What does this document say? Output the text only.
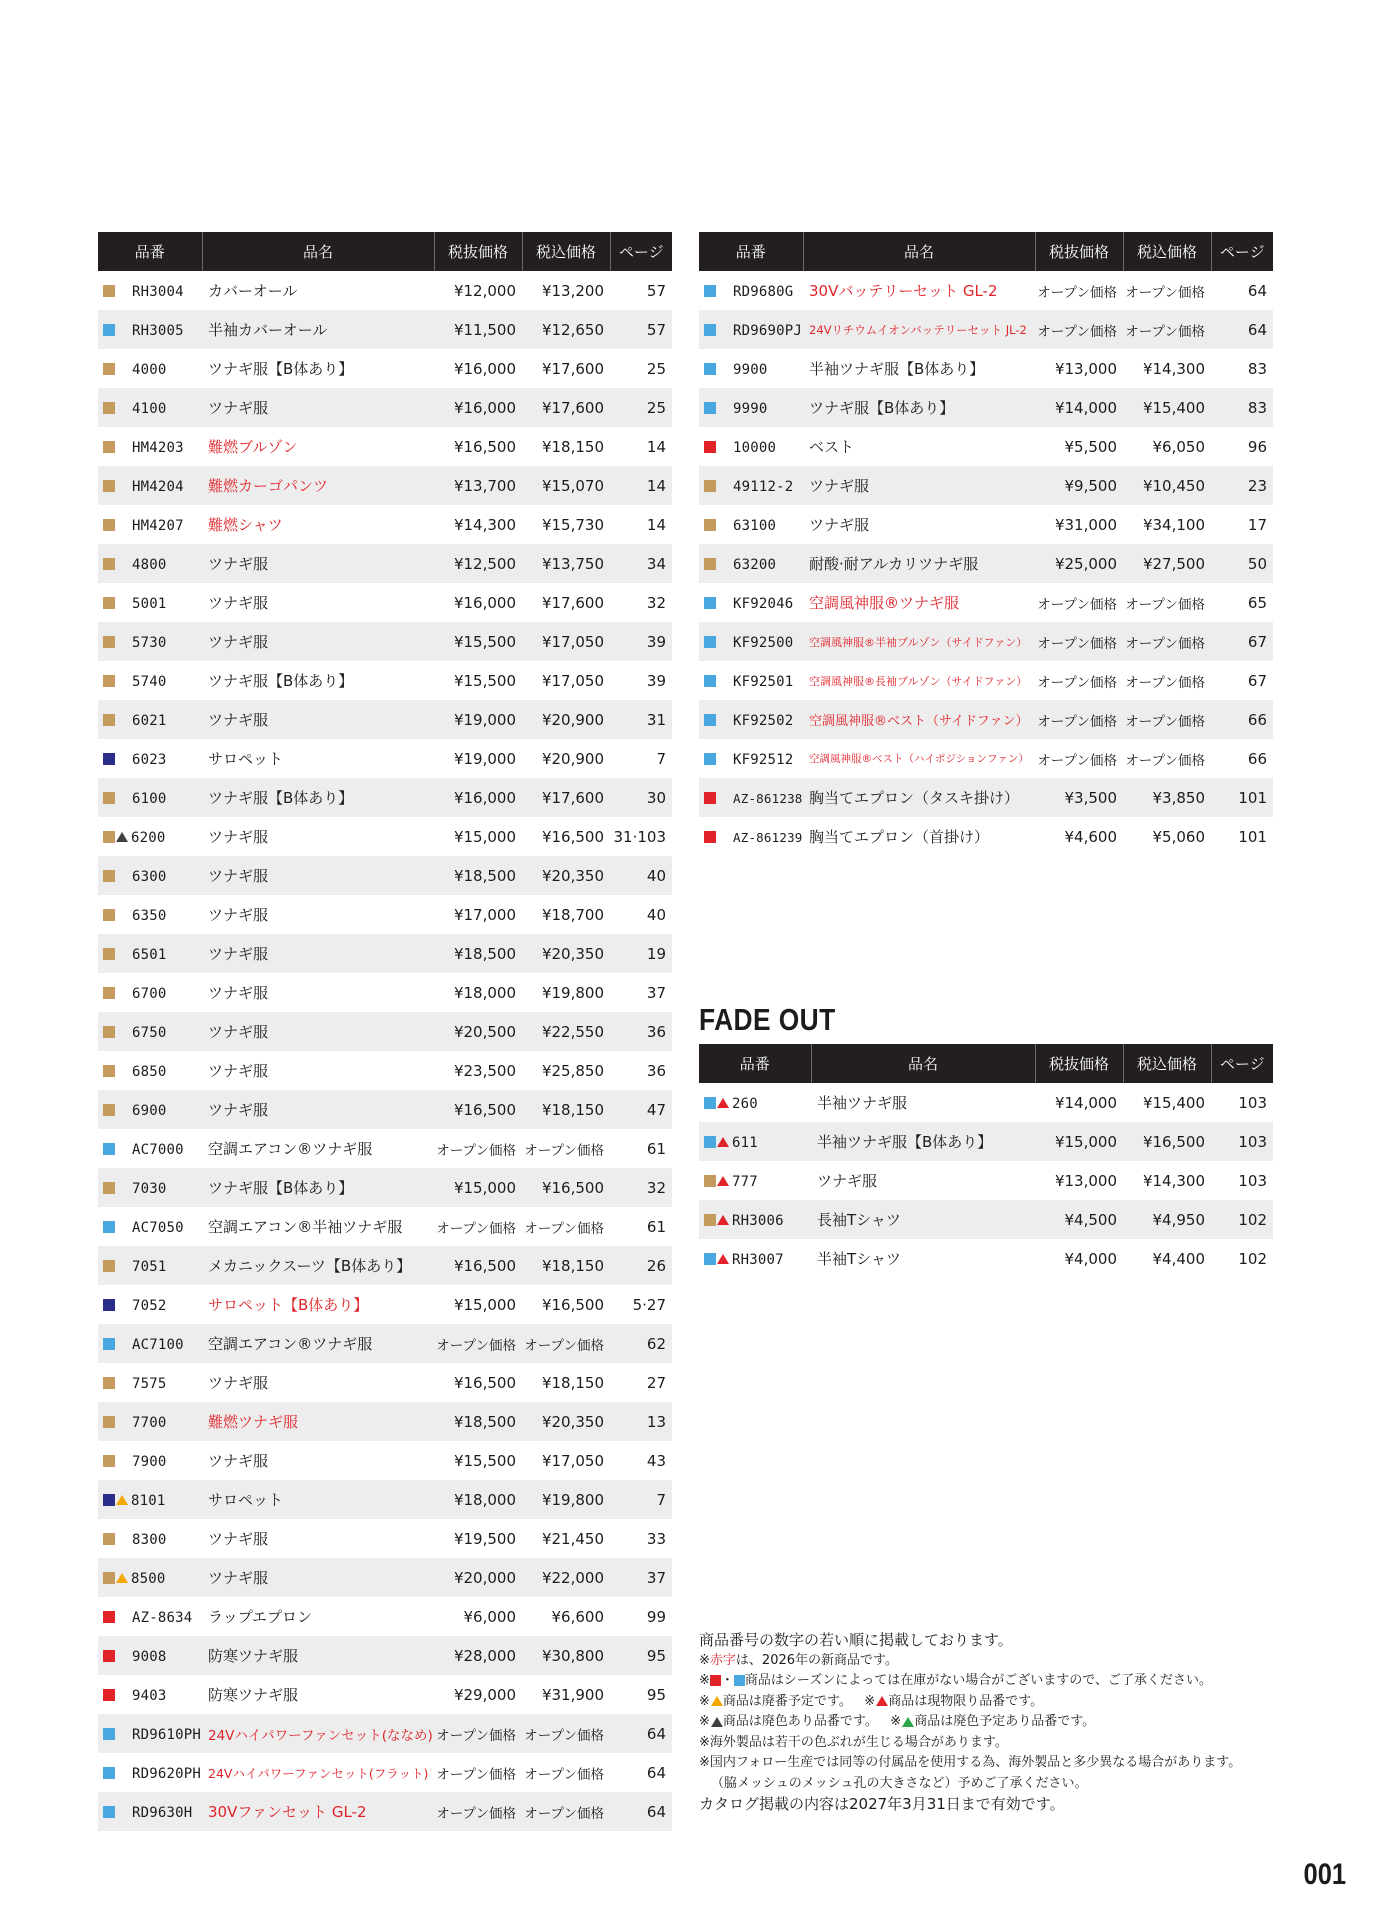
品番	品名	税抜価格	税込価格	ページ
RH3004	カバーオール	¥12,000	¥13,200	57
RH3005	半袖カバーオール	¥11,500	¥12,650	57
4000	ツナギ服【B体あり】	¥16,000	¥17,600	25
4100	ツナギ服	¥16,000	¥17,600	25
HM4203	難燃ブルゾン	¥16,500	¥18,150	14
HM4204	難燃カーゴパンツ	¥13,700	¥15,070	14
HM4207	難燃シャツ	¥14,300	¥15,730	14
4800	ツナギ服	¥12,500	¥13,750	34
5001	ツナギ服	¥16,000	¥17,600	32
5730	ツナギ服	¥15,500	¥17,050	39
5740	ツナギ服【B体あり】	¥15,500	¥17,050	39
6021	ツナギ服	¥19,000	¥20,900	31
6023	サロペット	¥19,000	¥20,900	7
6100	ツナギ服【B体あり】	¥16,000	¥17,600	30
6200	ツナギ服	¥15,000	¥16,500	31·103
6300	ツナギ服	¥18,500	¥20,350	40
6350	ツナギ服	¥17,000	¥18,700	40
6501	ツナギ服	¥18,500	¥20,350	19
6700	ツナギ服	¥18,000	¥19,800	37
6750	ツナギ服	¥20,500	¥22,550	36
6850	ツナギ服	¥23,500	¥25,850	36
6900	ツナギ服	¥16,500	¥18,150	47
AC7000	空調エアコン®ツナギ服	オープン価格	オープン価格	61
7030	ツナギ服【B体あり】	¥15,000	¥16,500	32
AC7050	空調エアコン®半袖ツナギ服	オープン価格	オープン価格	61
7051	メカニックスーツ【B体あり】	¥16,500	¥18,150	26
7052	サロペット【B体あり】	¥15,000	¥16,500	5·27
AC7100	空調エアコン®ツナギ服	オープン価格	オープン価格	62
7575	ツナギ服	¥16,500	¥18,150	27
7700	難燃ツナギ服	¥18,500	¥20,350	13
7900	ツナギ服	¥15,500	¥17,050	43
8101	サロペット	¥18,000	¥19,800	7
8300	ツナギ服	¥19,500	¥21,450	33
8500	ツナギ服	¥20,000	¥22,000	37
AZ-8634	ラップエプロン	¥6,000	¥6,600	99
9008	防寒ツナギ服	¥28,000	¥30,800	95
9403	防寒ツナギ服	¥29,000	¥31,900	95
RD9610PH	24Vハイパワーファンセット(ななめ)	オープン価格	オープン価格	64
RD9620PH	24Vハイパワーファンセット(フラット)	オープン価格	オープン価格	64
RD9630H	30Vファンセット GL-2	オープン価格	オープン価格	64
品番	品名	税抜価格	税込価格	ページ
RD9680G	30Vバッテリーセット GL-2	オープン価格	オープン価格	64
RD9690PJ	24Vリチウムイオンバッテリーセット JL-2	オープン価格	オープン価格	64
9900	半袖ツナギ服【B体あり】	¥13,000	¥14,300	83
9990	ツナギ服【B体あり】	¥14,000	¥15,400	83
10000	ベスト	¥5,500	¥6,050	96
49112-2	ツナギ服	¥9,500	¥10,450	23
63100	ツナギ服	¥31,000	¥34,100	17
63200	耐酸·耐アルカリツナギ服	¥25,000	¥27,500	50
KF92046	空調風神服®ツナギ服	オープン価格	オープン価格	65
KF92500	空調風神服®半袖ブルゾン（サイドファン）	オープン価格	オープン価格	67
KF92501	空調風神服®長袖ブルゾン（サイドファン）	オープン価格	オープン価格	67
KF92502	空調風神服®ベスト（サイドファン）	オープン価格	オープン価格	66
KF92512	空調風神服®ベスト（ハイポジションファン）	オープン価格	オープン価格	66
AZ-861238	胸当てエプロン（タスキ掛け）	¥3,500	¥3,850	101
AZ-861239	胸当てエプロン（首掛け）	¥4,600	¥5,060	101
FADE OUT
品番	品名	税抜価格	税込価格	ページ
260	半袖ツナギ服	¥14,000	¥15,400	103
611	半袖ツナギ服【B体あり】	¥15,000	¥16,500	103
777	ツナギ服	¥13,000	¥14,300	103
RH3006	長袖Tシャツ	¥4,500	¥4,950	102
RH3007	半袖Tシャツ	¥4,000	¥4,400	102
商品番号の数字の若い順に掲載しております。
※赤字は、2026年の新商品です。
※ ・ 商品はシーズンによっては在庫がない場合がございますので、ご了承ください。
※ 商品は廃番予定です。 ※ 商品は現物限り品番です。
※ 商品は廃色あり品番です。 ※ 商品は廃色予定あり品番です。
※海外製品は若干の色ぶれが生じる場合があります。
※国内フォロー生産では同等の付属品を使用する為、海外製品と多少異なる場合があります。
（脇メッシュのメッシュ孔の大きさなど）予めご了承ください。
カタログ掲載の内容は2027年3月31日まで有効です。
001
